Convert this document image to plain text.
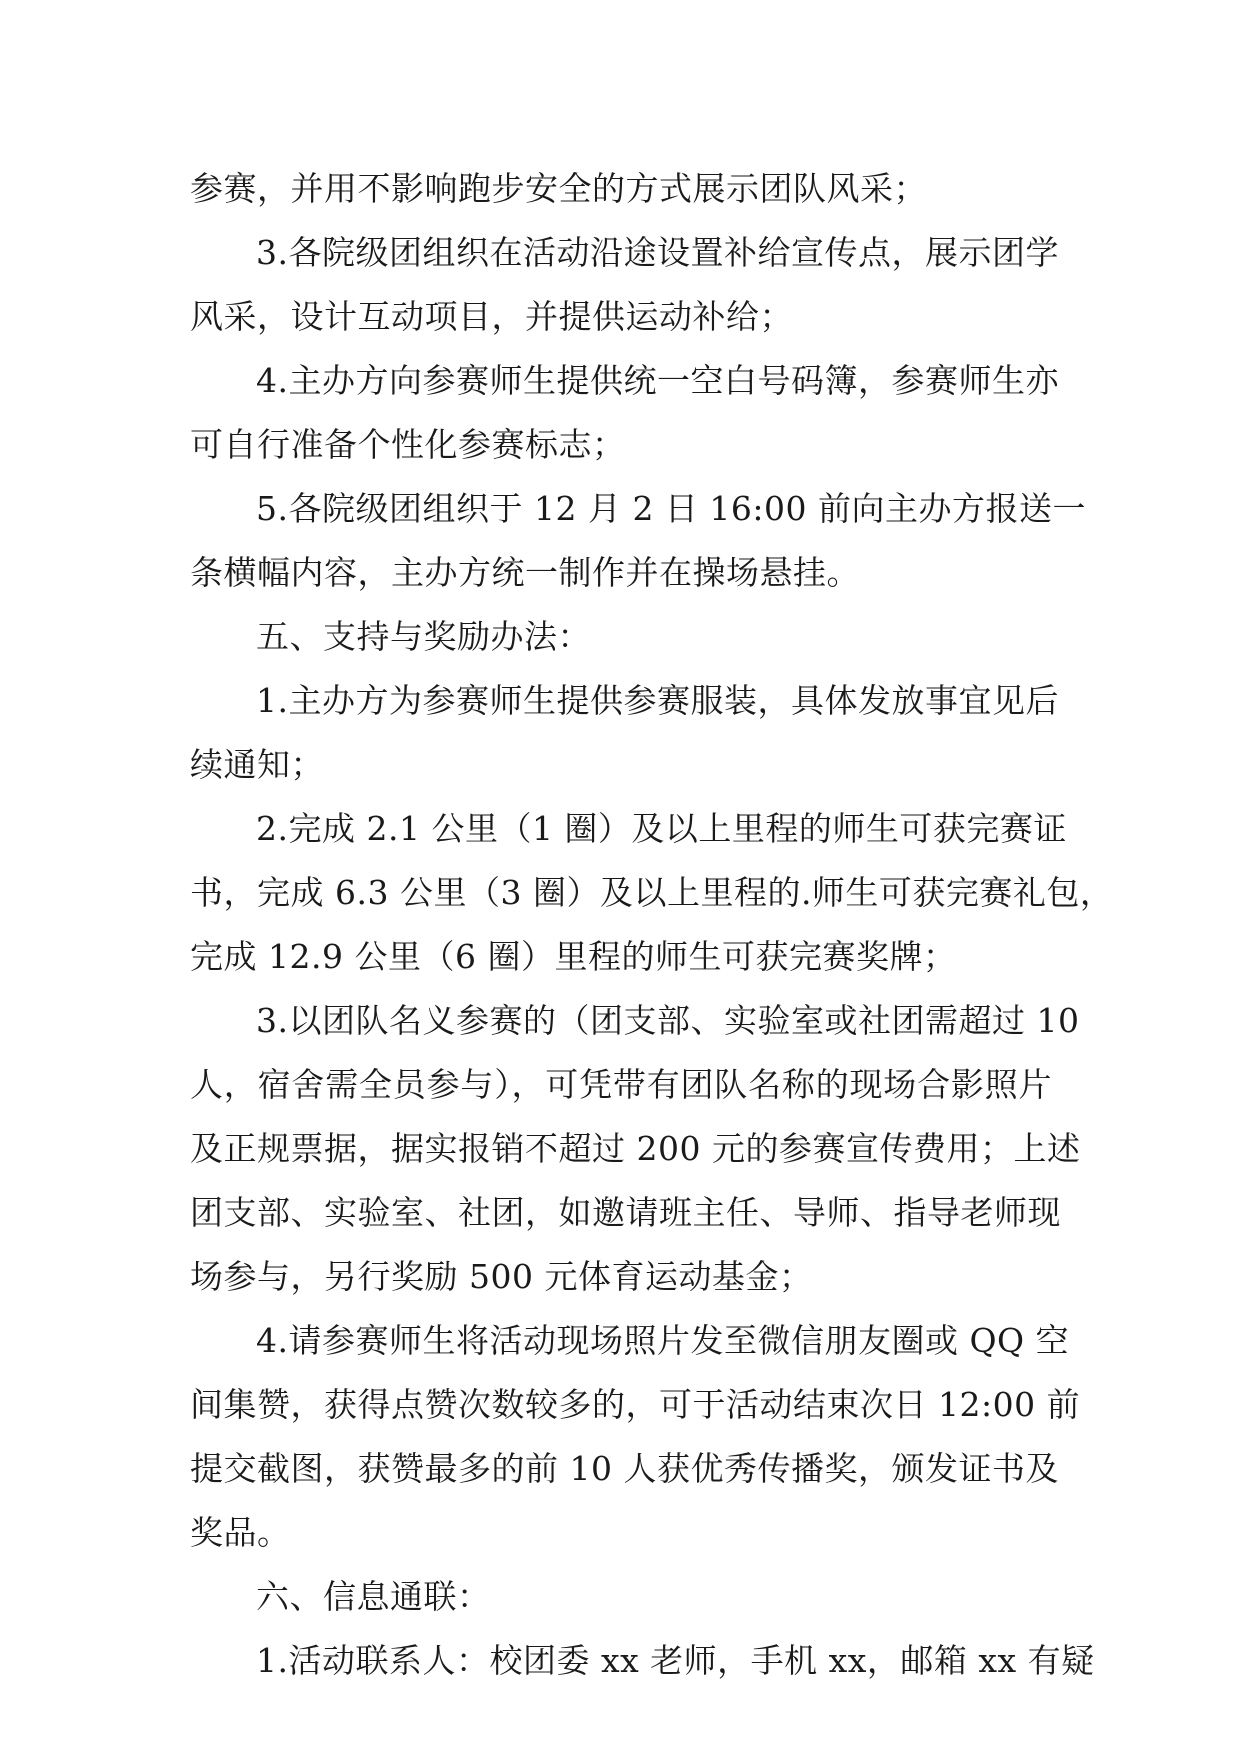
参赛，并用不影响跑步安全的方式展示团队风采；
3.各院级团组织在活动沿途设置补给宣传点，展示团学
风采，设计互动项目，并提供运动补给；
4.主办方向参赛师生提供统一空白号码簿，参赛师生亦
可自行准备个性化参赛标志；
5.各院级团组织于 12 月 2 日 16:00 前向主办方报送一
条横幅内容，主办方统一制作并在操场悬挂。
五、支持与奖励办法：
1.主办方为参赛师生提供参赛服装，具体发放事宜见后
续通知；
2.完成 2.1 公里（1 圈）及以上里程的师生可获完赛证
书，完成 6.3 公里（3 圈）及以上里程的.师生可获完赛礼包，
完成 12.9 公里（6 圈）里程的师生可获完赛奖牌；
3.以团队名义参赛的（团支部、实验室或社团需超过 10
人，宿舍需全员参与），可凭带有团队名称的现场合影照片
及正规票据，据实报销不超过 200 元的参赛宣传费用；上述
团支部、实验室、社团，如邀请班主任、导师、指导老师现
场参与，另行奖励 500 元体育运动基金；
4.请参赛师生将活动现场照片发至微信朋友圈或 QQ 空
间集赞，获得点赞次数较多的，可于活动结束次日 12:00 前
提交截图，获赞最多的前 10 人获优秀传播奖，颁发证书及
奖品。
六、信息通联：
1.活动联系人：校团委 xx 老师，手机 xx，邮箱 xx 有疑
